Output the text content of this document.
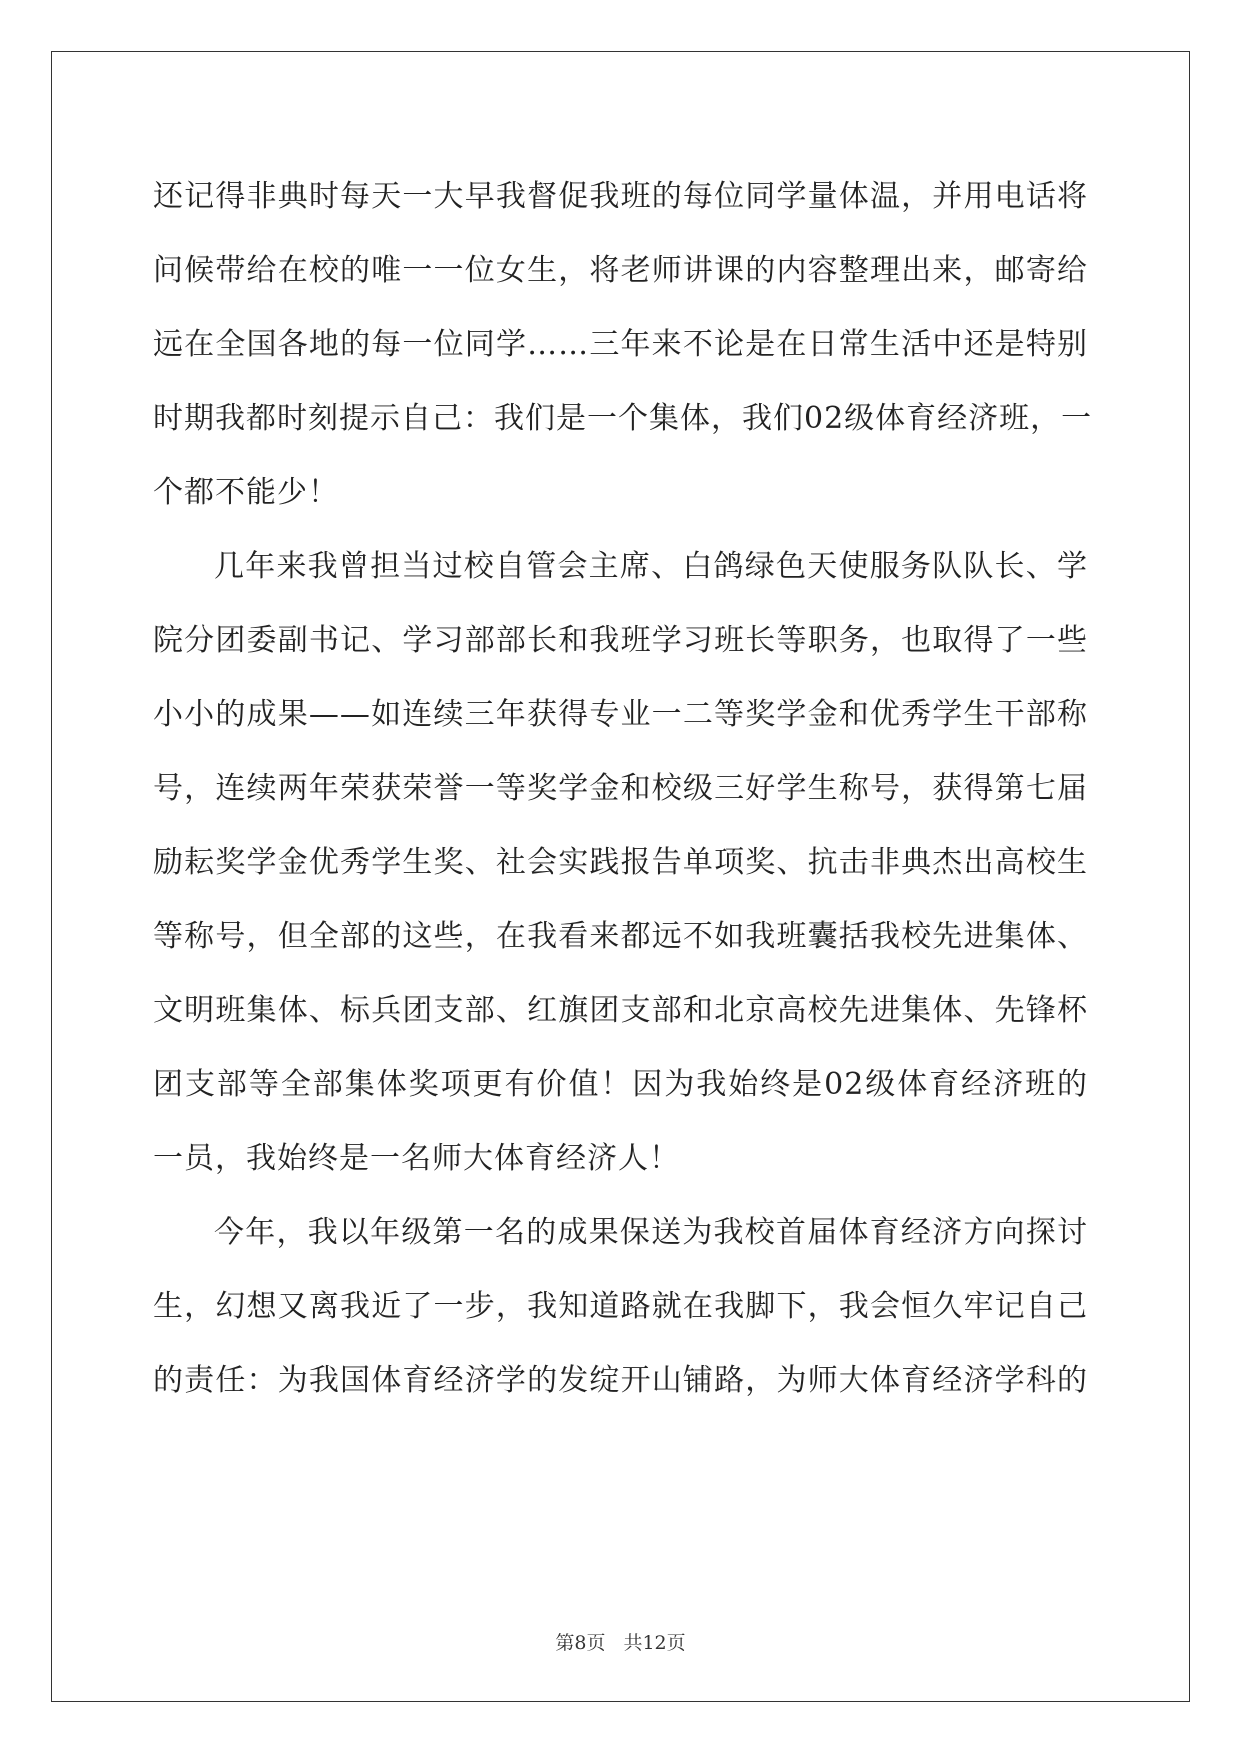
还记得非典时每天一大早我督促我班的每位同学量体温，并用电话将
问候带给在校的唯一一位女生，将老师讲课的内容整理出来，邮寄给
远在全国各地的每一位同学……三年来不论是在日常生活中还是特别
时期我都时刻提示自己：我们是一个集体，我们02级体育经济班，一
个都不能少！
几年来我曾担当过校自管会主席、白鸽绿色天使服务队队长、学
院分团委副书记、学习部部长和我班学习班长等职务，也取得了一些
小小的成果——如连续三年获得专业一二等奖学金和优秀学生干部称
号，连续两年荣获荣誉一等奖学金和校级三好学生称号，获得第七届
励耘奖学金优秀学生奖、社会实践报告单项奖、抗击非典杰出高校生
等称号，但全部的这些，在我看来都远不如我班囊括我校先进集体、
文明班集体、标兵团支部、红旗团支部和北京高校先进集体、先锋杯
团支部等全部集体奖项更有价值！因为我始终是02级体育经济班的
一员，我始终是一名师大体育经济人！
今年，我以年级第一名的成果保送为我校首届体育经济方向探讨
生，幻想又离我近了一步，我知道路就在我脚下，我会恒久牢记自己
的责任：为我国体育经济学的发绽开山铺路，为师大体育经济学科的
第8页 共12页
